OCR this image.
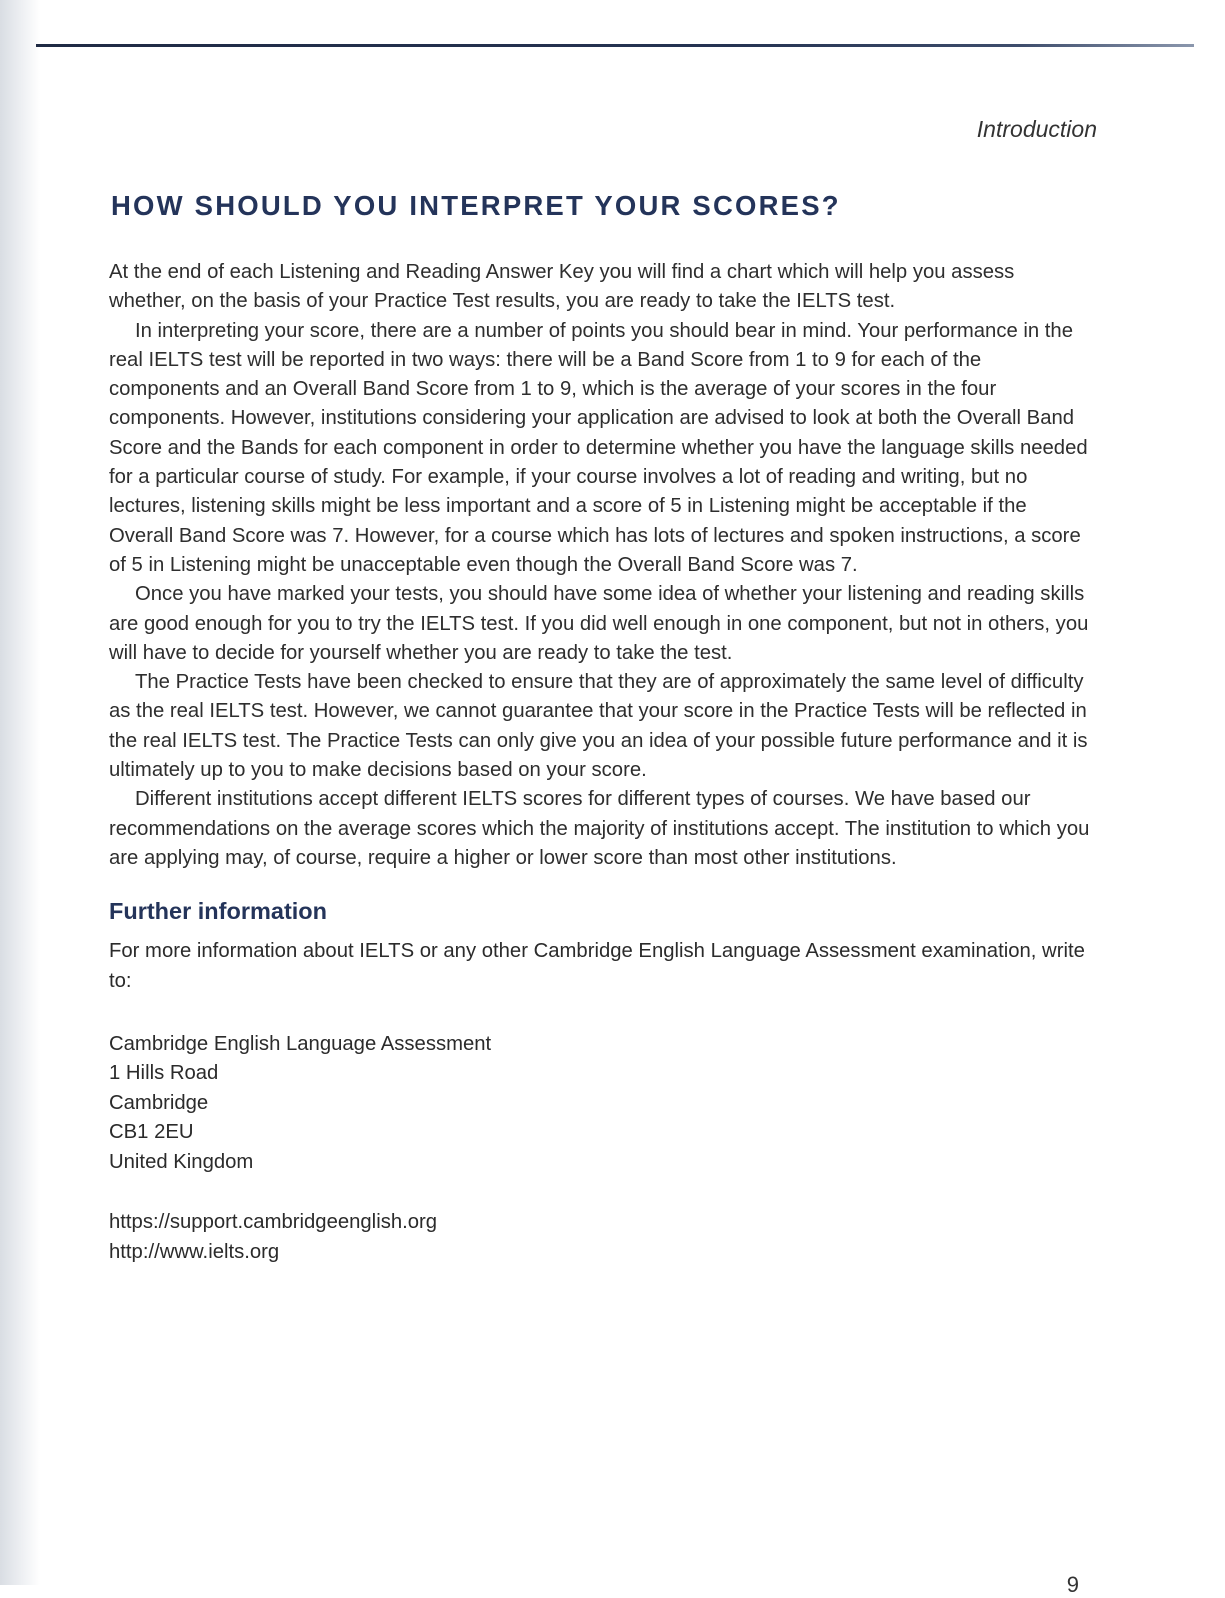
Introduction
HOW SHOULD YOU INTERPRET YOUR SCORES?

At the end of each Listening and Reading Answer Key you will find a chart which will help you assess whether, on the basis of your Practice Test results, you are ready to take the IELTS test.

In interpreting your score, there are a number of points you should bear in mind. Your performance in the real IELTS test will be reported in two ways: there will be a Band Score from 1 to 9 for each of the components and an Overall Band Score from 1 to 9, which is the average of your scores in the four components. However, institutions considering your application are advised to look at both the Overall Band Score and the Bands for each component in order to determine whether you have the language skills needed for a particular course of study. For example, if your course involves a lot of reading and writing, but no lectures, listening skills might be less important and a score of 5 in Listening might be acceptable if the Overall Band Score was 7. However, for a course which has lots of lectures and spoken instructions, a score of 5 in Listening might be unacceptable even though the Overall Band Score was 7.

Once you have marked your tests, you should have some idea of whether your listening and reading skills are good enough for you to try the IELTS test. If you did well enough in one component, but not in others, you will have to decide for yourself whether you are ready to take the test.

The Practice Tests have been checked to ensure that they are of approximately the same level of difficulty as the real IELTS test. However, we cannot guarantee that your score in the Practice Tests will be reflected in the real IELTS test. The Practice Tests can only give you an idea of your possible future performance and it is ultimately up to you to make decisions based on your score.

Different institutions accept different IELTS scores for different types of courses. We have based our recommendations on the average scores which the majority of institutions accept. The institution to which you are applying may, of course, require a higher or lower score than most other institutions.

Further information

For more information about IELTS or any other Cambridge English Language Assessment examination, write to:

Cambridge English Language Assessment
1 Hills Road
Cambridge
CB1 2EU
United Kingdom
https://support.cambridgeenglish.org
http://www.ielts.org
9
